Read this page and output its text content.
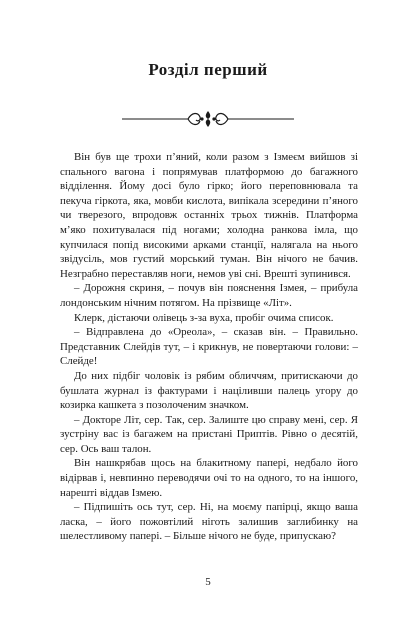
Розділ перший

Він був ще трохи п’яний, коли разом з Ізмеєм вийшов зі спального вагона і попрямував платформою до багажного відділення. Йому досі було гірко; його переповнювала та пекуча гіркота, яка, мовби кислота, випікала зсередини п’яного чи тверезого, впродовж останніх трьох тижнів. Платформа м’яко похитувалася під ногами; холодна ранкова імла, що купчилася попід високими арками станції, налягала на нього звідусіль, мов густий морський туман. Він нічого не бачив. Незграбно переставляв ноги, немов уві сні. Врешті зупинився.

– Дорожня скриня, – почув він пояснення Ізмея, – прибула лондонським нічним потягом. На прізвище «Літ».

Клерк, дістаючи олівець з-за вуха, пробіг очима список.

– Відправлена до «Ореола», – сказав він. – Правильно. Представник Слейдів тут, – і крикнув, не повертаючи голови: – Слейде!

До них підбіг чоловік із рябим обличчям, притискаючи до бушлата журнал із фактурами і націливши палець угору до козирка кашкета з позолоченим значком.

– Докторе Літ, сер. Так, сер. Залиште цю справу мені, сер. Я зустріну вас із багажем на пристані Приптів. Рівно о десятій, сер. Ось ваш талон.

Він нашкрябав щось на блакитному папері, недбало його відірвав і, невпинно переводячи очі то на одного, то на іншого, нарешті віддав Ізмею.

– Підпишіть ось тут, сер. Ні, на моєму папірці, якщо ваша ласка, – його пожовтілий ніготь залишив заглибинку на шелестливому папері. – Більше нічого не буде, припускаю?

5
